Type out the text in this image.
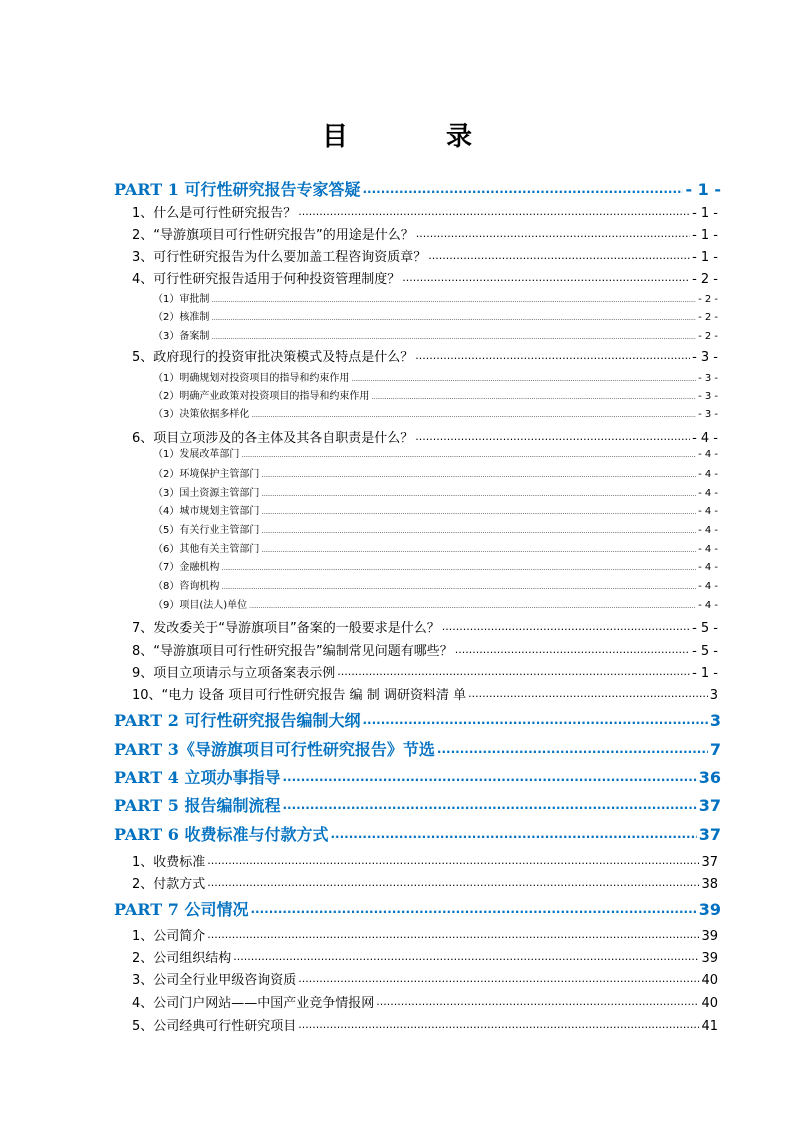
目　录
PART 1 可行性研究报告专家答疑 .....	- 1 -
1、什么是可行性研究报告？ .....	- 1 -
2、“导游旗项目可行性研究报告”的用途是什么？ .....	- 1 -
3、可行性研究报告为什么要加盖工程咨询资质章？ .....	- 1 -
4、可行性研究报告适用于何种投资管理制度？ .....	- 2 -
（1）审批制 .....	- 2 -
（2）核准制 .....	- 2 -
（3）备案制 .....	- 2 -
5、政府现行的投资审批决策模式及特点是什么？ .....	- 3 -
（1）明确规划对投资项目的指导和约束作用 .....	- 3 -
（2）明确产业政策对投资项目的指导和约束作用 .....	- 3 -
（3）决策依据多样化 .....	- 3 -
6、项目立项涉及的各主体及其各自职责是什么？ .....	- 4 -
（1）发展改革部门 .....	- 4 -
（2）环境保护主管部门 .....	- 4 -
（3）国土资源主管部门 .....	- 4 -
（4）城市规划主管部门 .....	- 4 -
（5）有关行业主管部门 .....	- 4 -
（6）其他有关主管部门 .....	- 4 -
（7）金融机构 .....	- 4 -
（8）咨询机构 .....	- 4 -
（9）项目(法人)单位 .....	- 4 -
7、发改委关于“导游旗项目”备案的一般要求是什么？ .....	- 5 -
8、“导游旗项目可行性研究报告”编制常见问题有哪些？ .....	- 5 -
9、项目立项请示与立项备案表示例 .....	- 1 -
10、“电力 设备 项目可行性研究报告 编 制 调研资料清 单 .....	3
PART 2 可行性研究报告编制大纲 .....	3
PART 3《导游旗项目可行性研究报告》节选 .....	7
PART 4 立项办事指导 .....	36
PART 5 报告编制流程 .....	37
PART 6 收费标准与付款方式 .....	37
1、收费标准 .....	37
2、付款方式 .....	38
PART 7 公司情况 .....	39
1、公司简介 .....	39
2、公司组织结构 .....	39
3、公司全行业甲级咨询资质 .....	40
4、公司门户网站——中国产业竞争情报网 .....	40
5、公司经典可行性研究项目 .....	41
